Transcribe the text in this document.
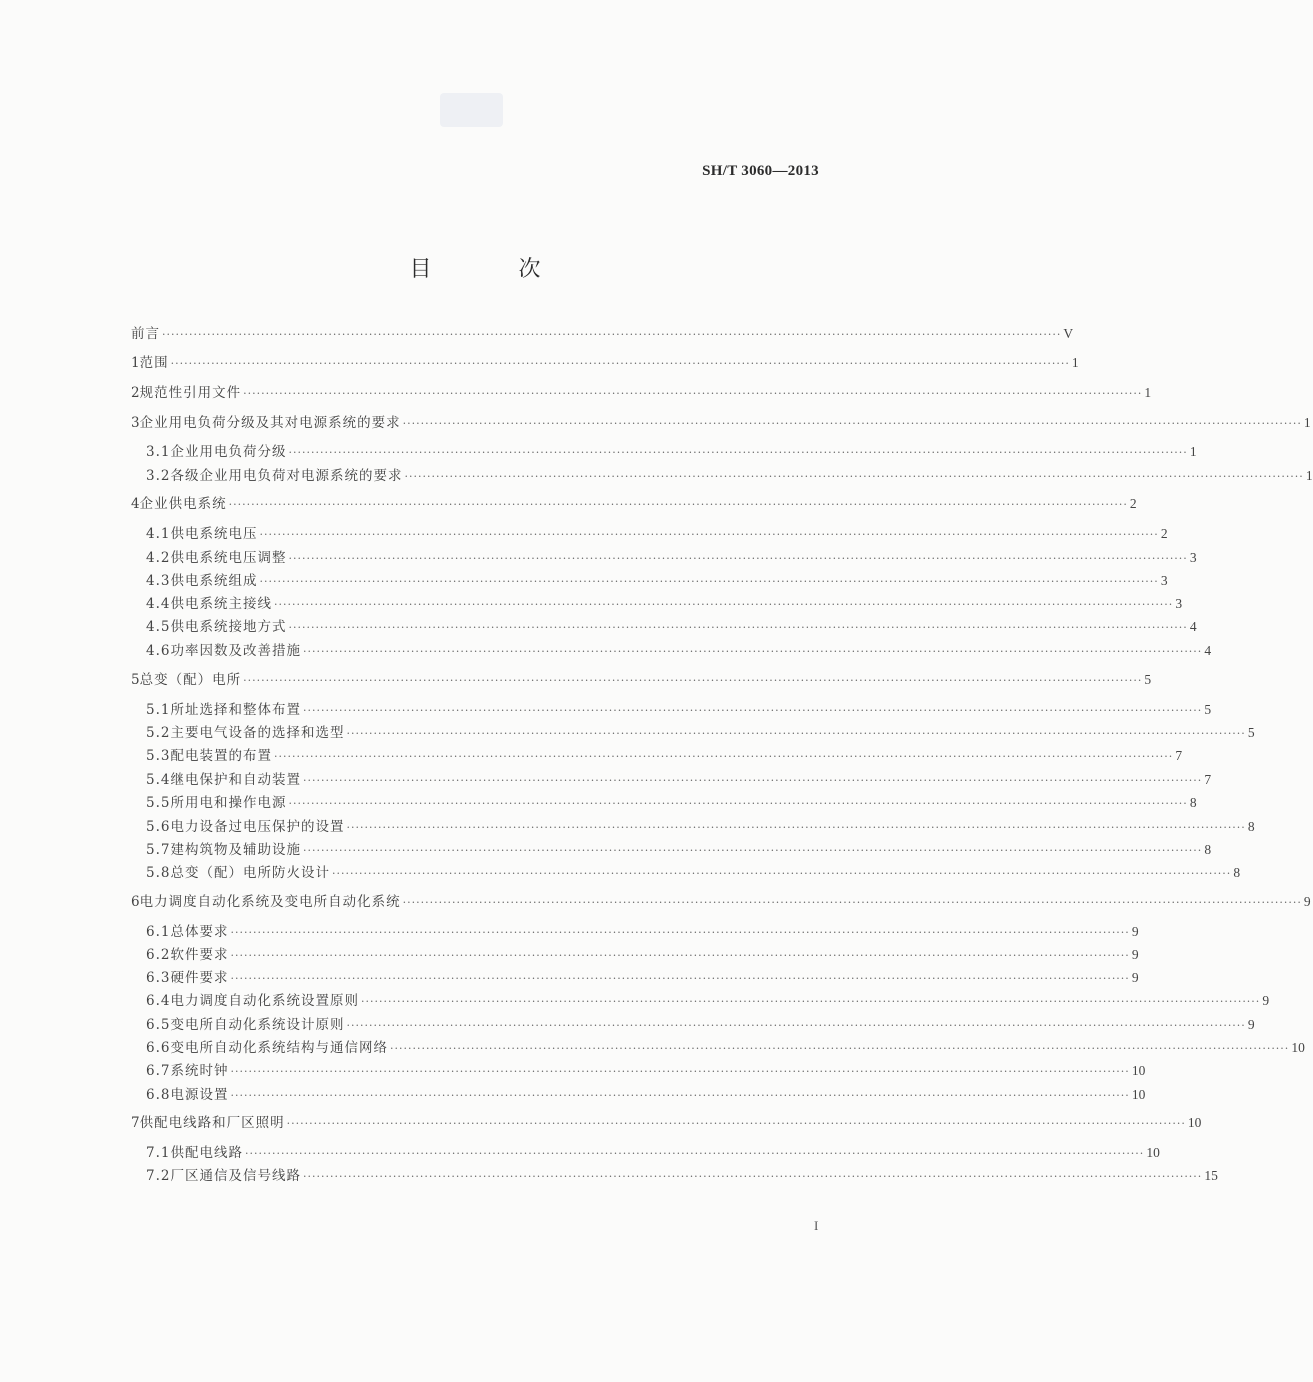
SH/T 3060—2013
目 次
前言 ········································································································································································································ V
1 范围 ········································································································································································································ 1
2 规范性引用文件 ········································································································································································································ 1
3 企业用电负荷分级及其对电源系统的要求 ········································································································································································································ 1
3.1 企业用电负荷分级 ········································································································································································································ 1
3.2 各级企业用电负荷对电源系统的要求 ········································································································································································································ 1
4 企业供电系统 ········································································································································································································ 2
4.1 供电系统电压 ········································································································································································································ 2
4.2 供电系统电压调整 ········································································································································································································ 3
4.3 供电系统组成 ········································································································································································································ 3
4.4 供电系统主接线 ········································································································································································································ 3
4.5 供电系统接地方式 ········································································································································································································ 4
4.6 功率因数及改善措施 ········································································································································································································ 4
5 总变（配）电所 ········································································································································································································ 5
5.1 所址选择和整体布置 ········································································································································································································ 5
5.2 主要电气设备的选择和选型 ········································································································································································································ 5
5.3 配电装置的布置 ········································································································································································································ 7
5.4 继电保护和自动装置 ········································································································································································································ 7
5.5 所用电和操作电源 ········································································································································································································ 8
5.6 电力设备过电压保护的设置 ········································································································································································································ 8
5.7 建构筑物及辅助设施 ········································································································································································································ 8
5.8 总变（配）电所防火设计 ········································································································································································································ 8
6 电力调度自动化系统及变电所自动化系统 ········································································································································································································ 9
6.1 总体要求 ········································································································································································································ 9
6.2 软件要求 ········································································································································································································ 9
6.3 硬件要求 ········································································································································································································ 9
6.4 电力调度自动化系统设置原则 ········································································································································································································ 9
6.5 变电所自动化系统设计原则 ········································································································································································································ 9
6.6 变电所自动化系统结构与通信网络 ········································································································································································································ 10
6.7 系统时钟 ········································································································································································································ 10
6.8 电源设置 ········································································································································································································ 10
7 供配电线路和厂区照明 ········································································································································································································ 10
7.1 供配电线路 ········································································································································································································ 10
7.2 厂区通信及信号线路 ········································································································································································································ 15
I
